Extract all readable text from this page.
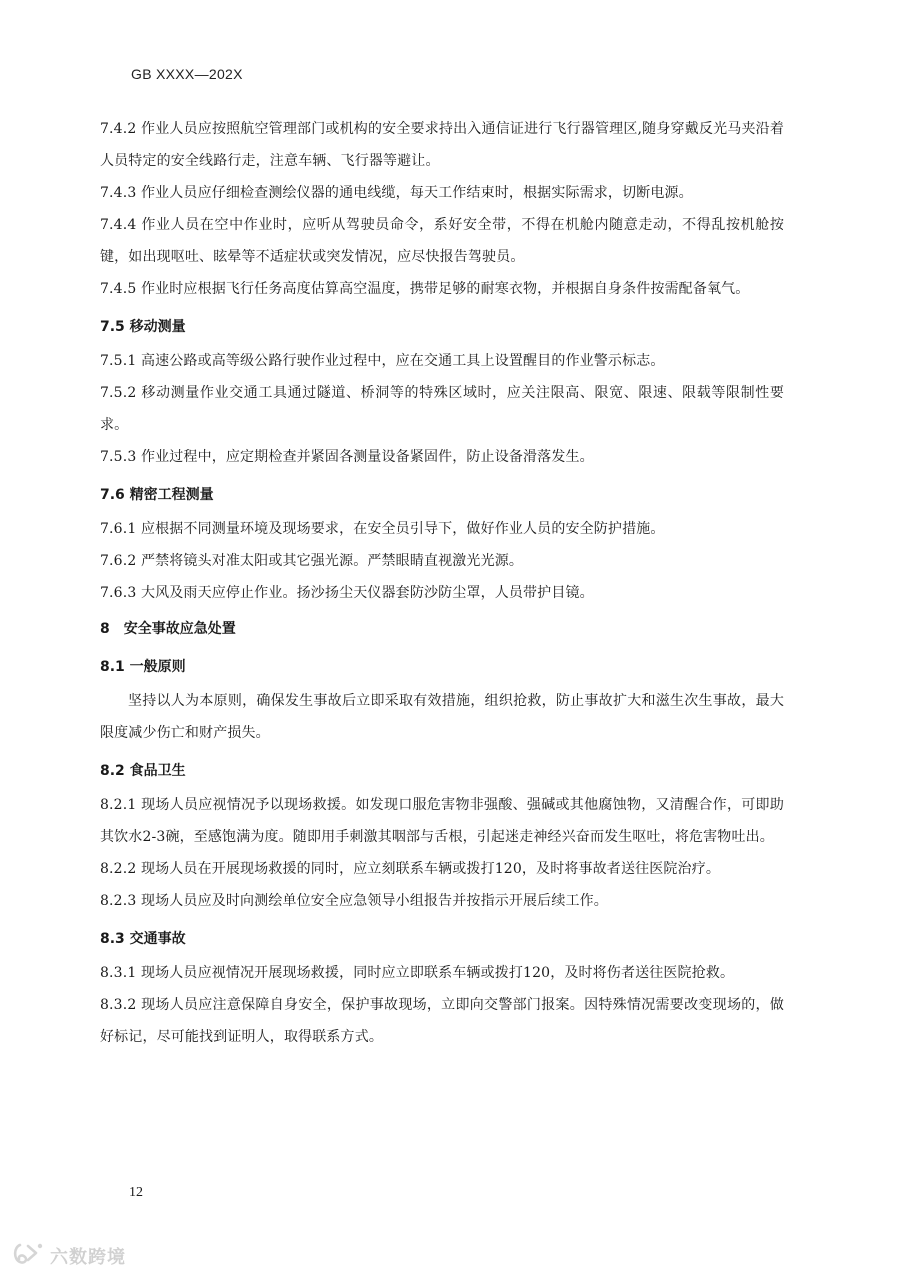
GB XXXX—202X

7.4.2 作业人员应按照航空管理部门或机构的安全要求持出入通信证进行飞行器管理区,随身穿戴反光马夹沿着人员特定的安全线路行走，注意车辆、飞行器等避让。

7.4.3 作业人员应仔细检查测绘仪器的通电线缆，每天工作结束时，根据实际需求，切断电源。

7.4.4 作业人员在空中作业时，应听从驾驶员命令，系好安全带，不得在机舱内随意走动，不得乱按机舱按键，如出现呕吐、眩晕等不适症状或突发情况，应尽快报告驾驶员。

7.4.5 作业时应根据飞行任务高度估算高空温度，携带足够的耐寒衣物，并根据自身条件按需配备氧气。

7.5 移动测量

7.5.1 高速公路或高等级公路行驶作业过程中，应在交通工具上设置醒目的作业警示标志。

7.5.2 移动测量作业交通工具通过隧道、桥洞等的特殊区域时，应关注限高、限宽、限速、限载等限制性要求。

7.5.3 作业过程中，应定期检查并紧固各测量设备紧固件，防止设备滑落发生。

7.6 精密工程测量

7.6.1 应根据不同测量环境及现场要求，在安全员引导下，做好作业人员的安全防护措施。

7.6.2 严禁将镜头对准太阳或其它强光源。严禁眼睛直视激光光源。

7.6.3 大风及雨天应停止作业。扬沙扬尘天仪器套防沙防尘罩，人员带护目镜。

8　安全事故应急处置
8.1 一般原则

坚持以人为本原则，确保发生事故后立即采取有效措施，组织抢救，防止事故扩大和滋生次生事故，最大限度减少伤亡和财产损失。

8.2 食品卫生

8.2.1 现场人员应视情况予以现场救援。如发现口服危害物非强酸、强碱或其他腐蚀物，又清醒合作，可即助其饮水2-3碗，至感饱满为度。随即用手刺激其咽部与舌根，引起迷走神经兴奋而发生呕吐，将危害物吐出。

8.2.2 现场人员在开展现场救援的同时，应立刻联系车辆或拨打120，及时将事故者送往医院治疗。

8.2.3 现场人员应及时向测绘单位安全应急领导小组报告并按指示开展后续工作。

8.3 交通事故

8.3.1 现场人员应视情况开展现场救援，同时应立即联系车辆或拨打120，及时将伤者送往医院抢救。

8.3.2 现场人员应注意保障自身安全，保护事故现场，立即向交警部门报案。因特殊情况需要改变现场的，做好标记，尽可能找到证明人，取得联系方式。

12
六数跨境
